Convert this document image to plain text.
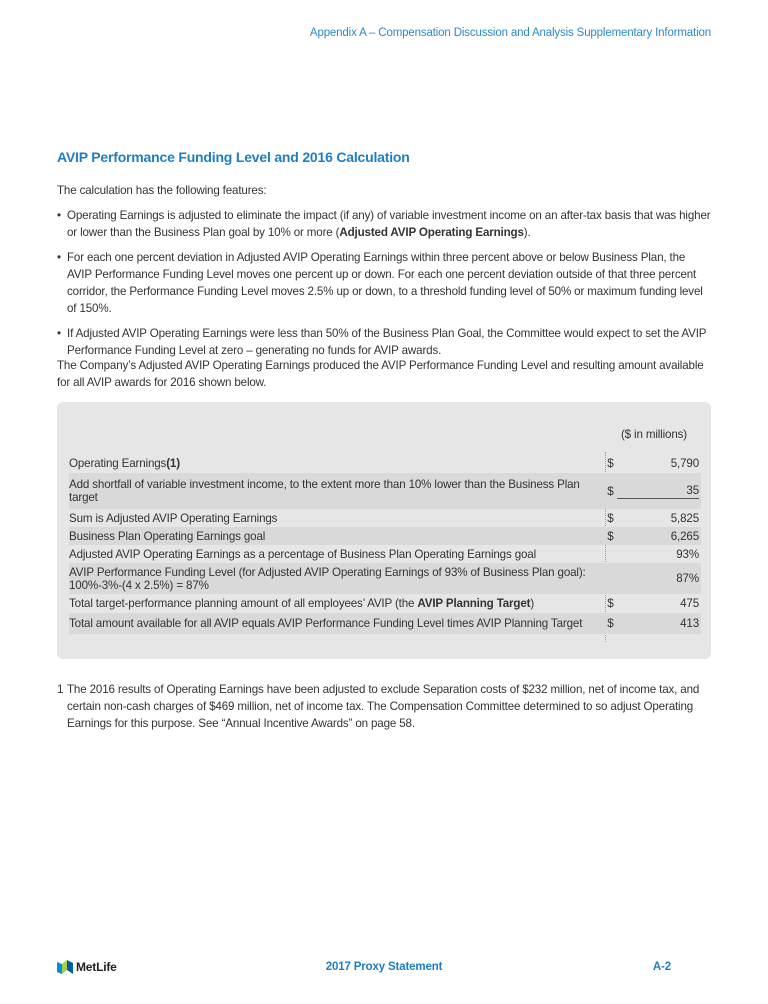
Appendix A – Compensation Discussion and Analysis Supplementary Information
AVIP Performance Funding Level and 2016 Calculation
The calculation has the following features:
• Operating Earnings is adjusted to eliminate the impact (if any) of variable investment income on an after-tax basis that was higher or lower than the Business Plan goal by 10% or more (Adjusted AVIP Operating Earnings).
• For each one percent deviation in Adjusted AVIP Operating Earnings within three percent above or below Business Plan, the AVIP Performance Funding Level moves one percent up or down. For each one percent deviation outside of that three percent corridor, the Performance Funding Level moves 2.5% up or down, to a threshold funding level of 50% or maximum funding level of 150%.
• If Adjusted AVIP Operating Earnings were less than 50% of the Business Plan Goal, the Committee would expect to set the AVIP Performance Funding Level at zero – generating no funds for AVIP awards.
The Company’s Adjusted AVIP Operating Earnings produced the AVIP Performance Funding Level and resulting amount available for all AVIP awards for 2016 shown below.
($ in millions)
Operating Earnings(1)	$	5,790
Add shortfall of variable investment income, to the extent more than 10% lower than the Business Plan target	$	35
Sum is Adjusted AVIP Operating Earnings	$	5,825
Business Plan Operating Earnings goal	$	6,265
Adjusted AVIP Operating Earnings as a percentage of Business Plan Operating Earnings goal	93%
AVIP Performance Funding Level (for Adjusted AVIP Operating Earnings of 93% of Business Plan goal): 100%-3%-(4 x 2.5%) = 87%	87%
Total target-performance planning amount of all employees’ AVIP (the AVIP Planning Target)	$	475
Total amount available for all AVIP equals AVIP Performance Funding Level times AVIP Planning Target	$	413
1 The 2016 results of Operating Earnings have been adjusted to exclude Separation costs of $232 million, net of income tax, and certain non-cash charges of $469 million, net of income tax. The Compensation Committee determined to so adjust Operating Earnings for this purpose. See “Annual Incentive Awards” on page 58.
MetLife	2017 Proxy Statement	A-2
